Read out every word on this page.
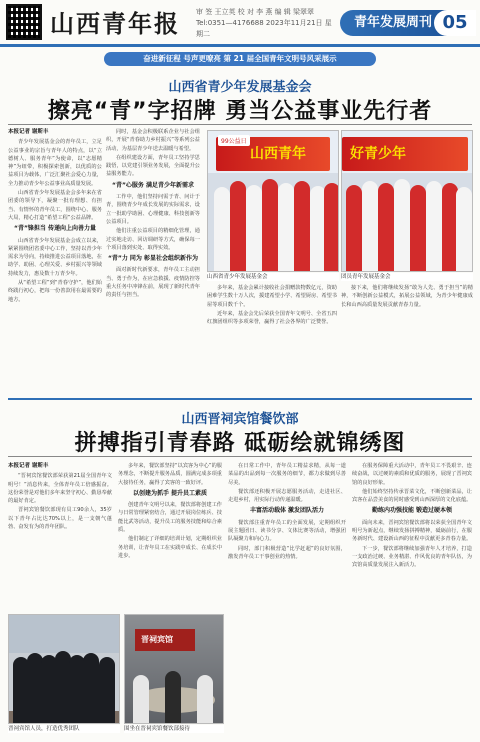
山西青年报 审 签 王立英 校 对 李 燕 编 辑 梁翠翠
Tel:0351—4176688 2023年11月21日 星期二
青年发展周刊 05
奋进新征程 号声更嘹亮 第 21 届全国青年文明号风采展示
山西省青少年发展基金会
擦亮“青”字招牌 勇当公益事业先行者
本报记者 谢斯丰

青少年发展基金会的青年员工，立足公益事业的宗旨与青年人的特点，以“立德树人、服务青年”为使命，以“志愿精神”为纽带，积极探索创新，以优质的公益项目为载体，广泛汇聚社会爱心力量，全力推动青少年公益事业高质量发展。

山西省青少年发展基金会多年来在省团委的领导下，凝聚一批有理想、有担当、有情怀的青年员工，围绕中心、服务大局，精心打造“希望工程”公益品牌。

“青”锋担当 传递向上向善力量

山西省青少年发展基金会成立以来，紧紧围绕团省委中心工作，坚持以青少年需求为导向，持续推进公益项目落地，在助学、助困、心理关爱、乡村振兴等领域持续发力，惠及数十万青少年。

从“希望工程”到“青春守护”，他们始终践行初心，把每一份善款用在最需要的地方。

同时，基金会积极联系企业与社会组织，开展“青春助力乡村振兴”等系列公益活动，为基层青少年送去温暖与希望。

在组织建设方面，青年员工坚持学思践悟，以党建引领业务发展，全面提升公益服务能力。

“青”心服务 满足青少年新需求

工作中，他们坚持问需于青、问计于青，围绕青少年成长发展的实际需求，设立一批助学助困、心理健康、科技创新等公益项目。

他们注重公益项目的精细化管理，通过实地走访、回访调研等方式，确保每一个项目落到实处、取得实效。

“青”力 同为 彰显社会组织新作为

面对新时代新要求，青年员工主动担当、勇于作为，在应急救援、疫情防控等重大任务中冲锋在前，展现了新时代青年的责任与担当。

山西青年
99公益日
山西省青少年发展基金会
好青少年
团员青年发展基金会

多年来，基金会累计接收社会捐赠款物数亿元，资助困难学生数十万人次，援建希望小学、希望厨房、希望书屋等项目数千个。

近年来，基金会先后荣获全国青年文明号、全省五四红旗团组织等多项荣誉，赢得了社会各界的广泛赞誉。

接下来，他们将继续发扬“敢为人先、勇于担当”的精神，不断创新公益模式，拓展公益领域，为青少年健康成长和山西高质量发展贡献青春力量。

山西晋祠宾馆餐饮部
拼搏指引青春路 砥砺绘就锦绣图
本报记者 谢斯丰

“晋祠宾馆餐饮部荣获第21届全国青年文明号！”消息传来，全体青年员工倍感振奋。这份荣誉是对他们多年来坚守初心、勤恳奉献的最好肯定。

晋祠宾馆餐饮部现有员工90余人，35岁以下青年占比达70%以上，是一支朝气蓬勃、奋发有为的青年团队。

多年来，餐饮部坚持“以宾客为中心”的服务理念，不断提升服务品质，圆满完成多项重大接待任务，赢得了宾客的一致好评。

以创建为抓手 提升员工素质

创建青年文明号以来，餐饮部将创建工作与日常管理紧密结合，通过开展岗位练兵、技能比武等活动，提升员工的服务技能和综合素质。

他们制定了详细的培训计划，定期组织业务培训，让青年员工在实践中成长、在成长中进步。

在日常工作中，青年员工精益求精，从每一道菜品的出品到每一次服务的细节，都力求做到尽善尽美。

餐饮部还积极开展志愿服务活动，走进社区、走进乡村，用实际行动传递温暖。

丰富活动载体 激发团队活力

餐饮部注重青年员工的全面发展，定期组织开展主题团日、读书分享、文体比赛等活动，增强团队凝聚力和向心力。

同时，部门积极营造“比学赶超”的良好氛围，激发青年员工干事创业的热情。

在服务保障重大活动中，青年员工不畏艰辛、连续奋战，以过硬的素质和优质的服务，展现了晋祠宾馆的良好形象。

他们始终坚持传承晋菜文化，不断创新菜品，让宾客在品尝美食的同时感受到山西深厚的文化底蕴。

勤练内功强技能 锻造过硬本领

面向未来，晋祠宾馆餐饮部将以荣获全国青年文明号为新起点，继续发扬拼搏精神，砥砺前行，在服务新时代、建设新山西的征程中贡献更多青春力量。

下一步，餐饮部将继续加强青年人才培养，打造一支政治过硬、业务精湛、作风优良的青年队伍，为宾馆高质量发展注入新活力。

晋祠宾馆人员，打造优秀团队
晋祠宾馆
围坐在晋祠宾馆餐饮部接待
